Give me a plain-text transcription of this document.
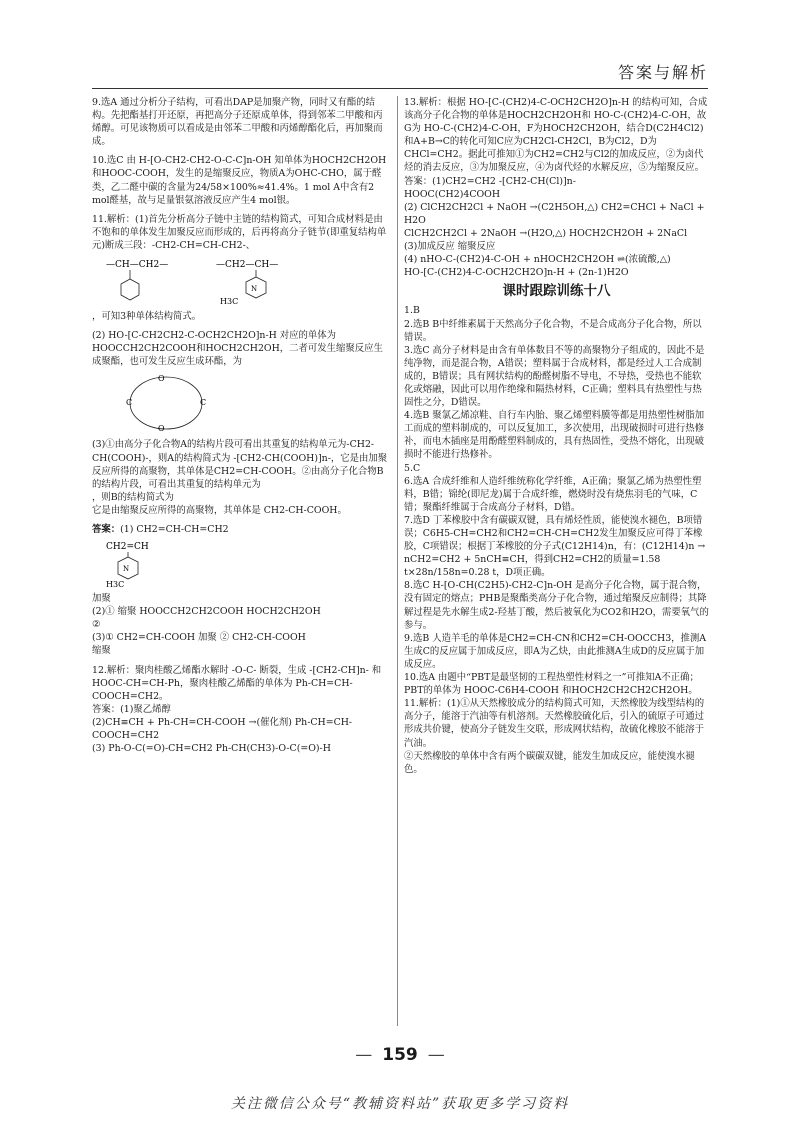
答案与解析

9.选A 通过分析分子结构，可看出DAP是加聚产物，同时又有酯的结构。先把酯基打开还原，再把高分子还原成单体，得到邻苯二甲酸和丙烯醇。可见该物质可以看成是由邻苯二甲酸和丙烯醇酯化后，再加聚而成。

10.选C 由 H-[O-CH2-CH2-O-C-C]n-OH 知单体为HOCH2CH2OH和HOOC-COOH，发生的是缩聚反应，物质A为OHC-CHO，属于醛类，乙二醛中碳的含量为24/58×100%≈41.4%。1 mol A中含有2 mol醛基，故与足量银氨溶液反应产生4 mol银。

11.解析：(1)首先分析高分子链中主链的结构简式，可知合成材料是由不饱和的单体发生加聚反应而形成的，后再将高分子链节(即重复结构单元)断成三段：-CH2-CH=CH-CH2-、

—CH—CH2—	—CH2—CH—
N
H3C

，可知3种单体结构简式。

(2) HO-[C-CH2CH2-C-OCH2CH2O]n-H 对应的单体为HOOCCH2CH2COOH和HOCH2CH2OH，二者可发生缩聚反应生成聚酯，也可发生反应生成环酯，为

O
O
C	C

(3)①由高分子化合物A的结构片段可看出其重复的结构单元为-CH2-CH(COOH)-，则A的结构简式为 -[CH2-CH(COOH)]n-，它是由加聚反应所得的高聚物，其单体是CH2=CH-COOH。②由高分子化合物B的结构片段，可看出其重复的结构单元为

，则B的结构简式为

它是由缩聚反应所得的高聚物，其单体是 CH2-CH-COOH。

答案：(1) CH2=CH-CH=CH2

CH2=CH
N
H3C

加聚

(2)① 缩聚 HOOCCH2CH2COOH HOCH2CH2OH

②

(3)① CH2=CH-COOH 加聚 ② CH2-CH-COOH

缩聚

12.解析：聚肉桂酸乙烯酯水解时 -O-C- 断裂，生成 -[CH2-CH]n- 和 HOOC-CH=CH-Ph，聚肉桂酸乙烯酯的单体为 Ph-CH=CH-COOCH=CH2。

答案：(1)聚乙烯醇

(2)CH≡CH + Ph-CH=CH-COOH →(催化剂) Ph-CH=CH-COOCH=CH2

(3) Ph-O-C(=O)-CH=CH2 Ph-CH(CH3)-O-C(=O)-H

13.解析：根据 HO-[C-(CH2)4-C-OCH2CH2O]n-H 的结构可知，合成该高分子化合物的单体是HOCH2CH2OH和 HO-C-(CH2)4-C-OH，故G为 HO-C-(CH2)4-C-OH，F为HOCH2CH2OH，结合D(C2H4Cl2)和A+B→C的转化可知C应为CH2Cl-CH2Cl，B为Cl2，D为CHCl=CH2。据此可推知①为CH2=CH2与Cl2的加成反应，②为卤代烃的消去反应，③为加聚反应，④为卤代烃的水解反应，⑤为缩聚反应。

答案：(1)CH2=CH2 -[CH2-CH(Cl)]n-

HOOC(CH2)4COOH

(2) ClCH2CH2Cl + NaOH →(C2H5OH,△) CH2=CHCl + NaCl + H2O

ClCH2CH2Cl + 2NaOH →(H2O,△) HOCH2CH2OH + 2NaCl

(3)加成反应 缩聚反应

(4) nHO-C-(CH2)4-C-OH + nHOCH2CH2OH ⇌(浓硫酸,△)

HO-[C-(CH2)4-C-OCH2CH2O]n-H + (2n-1)H2O

课时跟踪训练十八

1.B

2.选B B中纤维素属于天然高分子化合物，不是合成高分子化合物，所以错误。

3.选C 高分子材料是由含有单体数目不等的高聚物分子组成的，因此不是纯净物，而是混合物，A错误；塑料属于合成材料，都是经过人工合成制成的，B错误；具有网状结构的酚醛树脂不导电，不导热，受热也不能软化或熔融，因此可以用作绝缘和隔热材料，C正确；塑料具有热塑性与热固性之分，D错误。

4.选B 聚氯乙烯凉鞋、自行车内胎、聚乙烯塑料膜等都是用热塑性树脂加工而成的塑料制成的，可以反复加工，多次使用，出现破损时可进行热修补，而电木插座是用酚醛塑料制成的，具有热固性，受热不熔化，出现破损时不能进行热修补。

5.C

6.选A 合成纤维和人造纤维统称化学纤维，A正确；聚氯乙烯为热塑性塑料，B错；锦纶(即尼龙)属于合成纤维，燃烧时没有烧焦羽毛的气味，C错；聚酯纤维属于合成高分子材料，D错。

7.选D 丁苯橡胶中含有碳碳双键，具有烯烃性质，能使溴水褪色，B项错误；C6H5-CH=CH2和CH2=CH-CH=CH2发生加聚反应可得丁苯橡胶，C项错误；根据丁苯橡胶的分子式(C12H14)n，有：(C12H14)n → nCH2=CH2 + 5nCH≡CH，得到CH2=CH2的质量=1.58 t×28n/158n=0.28 t，D项正确。

8.选C H-[O-CH(C2H5)-CH2-C]n-OH 是高分子化合物，属于混合物，没有固定的熔点；PHB是聚酯类高分子化合物，通过缩聚反应制得；其降解过程是先水解生成2-羟基丁酸，然后被氧化为CO2和H2O，需要氧气的参与。

9.选B 人造羊毛的单体是CH2=CH-CN和CH2=CH-OOCCH3，推测A生成C的反应属于加成反应，即A为乙炔，由此推测A生成D的反应属于加成反应。

10.选A 由题中“PBT是最坚韧的工程热塑性材料之一”可推知A不正确；PBT的单体为 HOOC-C6H4-COOH 和HOCH2CH2CH2CH2OH。

11.解析：(1)①从天然橡胶成分的结构简式可知，天然橡胶为线型结构的高分子，能溶于汽油等有机溶剂。天然橡胶硫化后，引入的硫原子可通过形成共价键，使高分子链发生交联，形成网状结构，故硫化橡胶不能溶于汽油。

②天然橡胶的单体中含有两个碳碳双键，能发生加成反应，能使溴水褪色。

— 159 —
关注微信公众号“教辅资料站”获取更多学习资料
